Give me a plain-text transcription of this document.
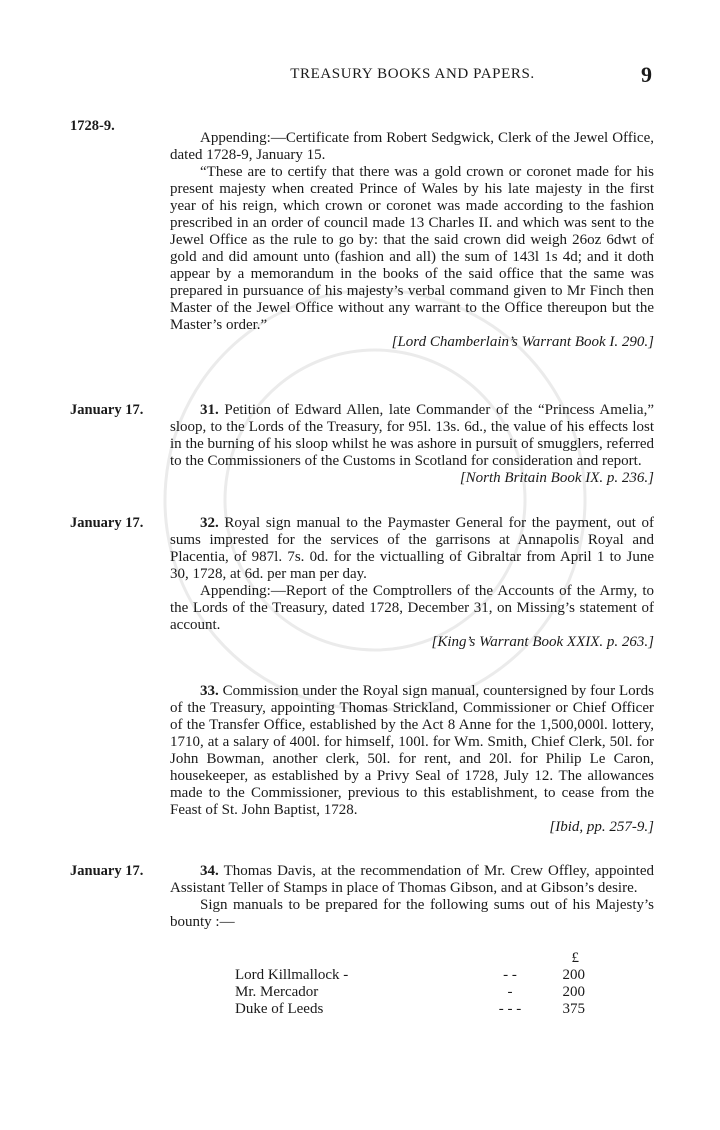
TREASURY BOOKS AND PAPERS.	9
1728-9.

Appending:—Certificate from Robert Sedgwick, Clerk of the Jewel Office, dated 1728-9, January 15.

“These are to certify that there was a gold crown or coronet made for his present majesty when created Prince of Wales by his late majesty in the first year of his reign, which crown or coronet was made according to the fashion prescribed in an order of council made 13 Charles II. and which was sent to the Jewel Office as the rule to go by: that the said crown did weigh 26oz 6dwt of gold and did amount unto (fashion and all) the sum of 143l 1s 4d; and it doth appear by a memorandum in the books of the said office that the same was prepared in pursuance of his majesty’s verbal command given to Mr Finch then Master of the Jewel Office without any warrant to the Office thereupon but the Master’s order.”

[Lord Chamberlain’s Warrant Book I. 290.]

January 17.	31. Petition of Edward Allen, late Commander of the “Princess Amelia,” sloop, to the Lords of the Treasury, for 95l. 13s. 6d., the value of his effects lost in the burning of his sloop whilst he was ashore in pursuit of smugglers, referred to the Commissioners of the Customs in Scotland for consideration and report.

[North Britain Book IX. p. 236.]

January 17.	32. Royal sign manual to the Paymaster General for the payment, out of sums imprested for the services of the garrisons at Annapolis Royal and Placentia, of 987l. 7s. 0d. for the victualling of Gibraltar from April 1 to June 30, 1728, at 6d. per man per day.

Appending:—Report of the Comptrollers of the Accounts of the Army, to the Lords of the Treasury, dated 1728, December 31, on Missing’s statement of account.

[King’s Warrant Book XXIX. p. 263.]

33. Commission under the Royal sign manual, countersigned by four Lords of the Treasury, appointing Thomas Strickland, Commissioner or Chief Officer of the Transfer Office, established by the Act 8 Anne for the 1,500,000l. lottery, 1710, at a salary of 400l. for himself, 100l. for Wm. Smith, Chief Clerk, 50l. for John Bowman, another clerk, 50l. for rent, and 20l. for Philip Le Caron, housekeeper, as established by a Privy Seal of 1728, July 12. The allowances made to the Commissioner, previous to this establishment, to cease from the Feast of St. John Baptist, 1728.

[Ibid, pp. 257-9.]

January 17.	34. Thomas Davis, at the recommendation of Mr. Crew Offley, appointed Assistant Teller of Stamps in place of Thomas Gibson, and at Gibson’s desire.

Sign manuals to be prepared for the following sums out of his Majesty’s bounty :—

£
Lord Killmallock -	- -	200
Mr. Mercador	-	200
Duke of Leeds	- - -	375
